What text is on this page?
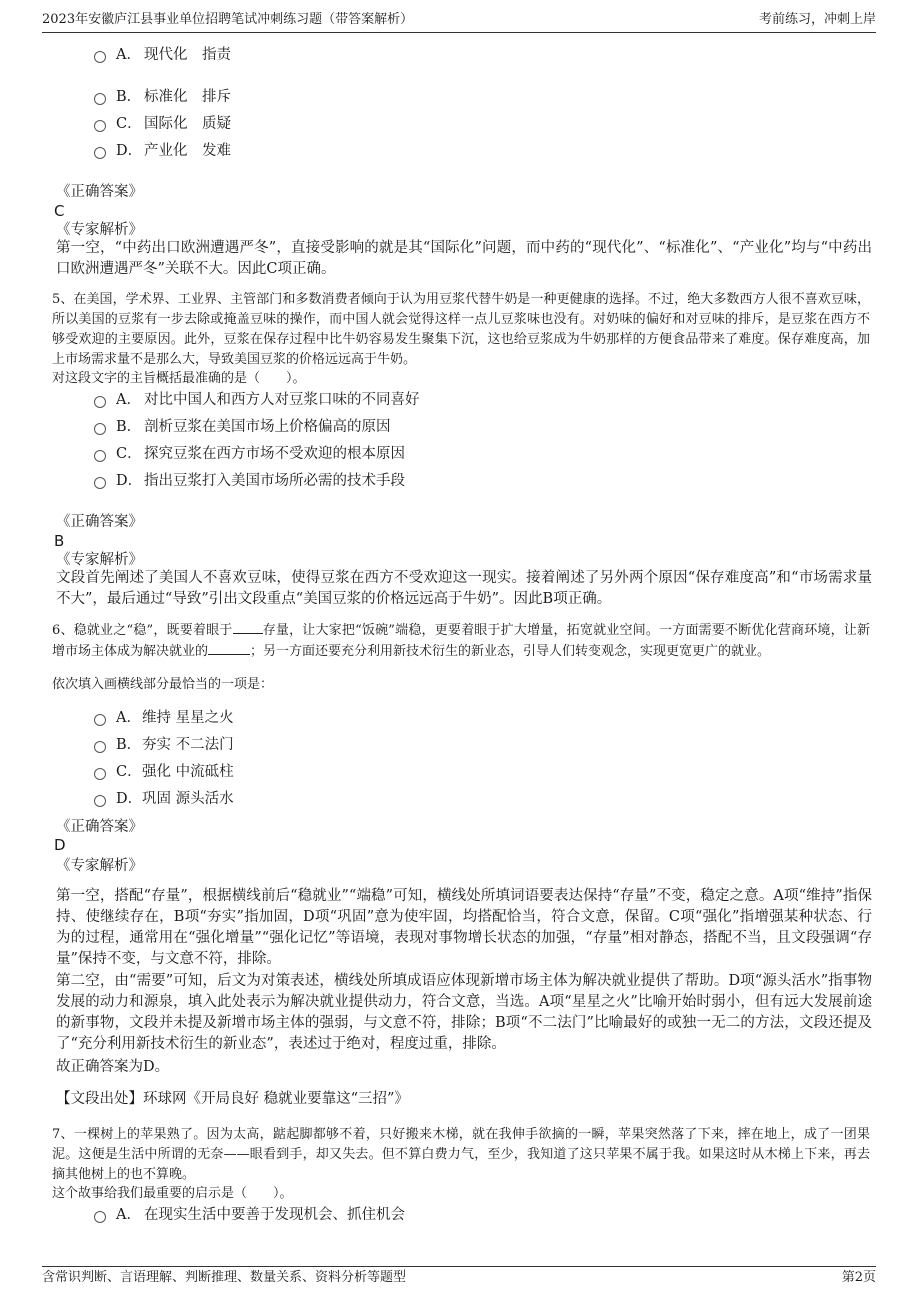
2023年安徽庐江县事业单位招聘笔试冲刺练习题（带答案解析）	考前练习，冲刺上岸
A． 现代化　指责
B． 标准化　排斥
C． 国际化　质疑
D． 产业化　发难
《正确答案》
C
《专家解析》
第一空，“中药出口欧洲遭遇严冬”，直接受影响的就是其“国际化”问题，而中药的“现代化”、“标准化”、“产业化”均与“中药出口欧洲遭遇严冬”关联不大。因此C项正确。
5、在美国，学术界、工业界、主管部门和多数消费者倾向于认为用豆浆代替牛奶是一种更健康的选择。不过，绝大多数西方人很不喜欢豆味，所以美国的豆浆有一步去除或掩盖豆味的操作，而中国人就会觉得这样一点儿豆浆味也没有。对奶味的偏好和对豆味的排斥，是豆浆在西方不够受欢迎的主要原因。此外，豆浆在保存过程中比牛奶容易发生聚集下沉，这也给豆浆成为牛奶那样的方便食品带来了难度。保存难度高，加上市场需求量不是那么大，导致美国豆浆的价格远远高于牛奶。
对这段文字的主旨概括最准确的是（　　）。
A． 对比中国人和西方人对豆浆口味的不同喜好
B． 剖析豆浆在美国市场上价格偏高的原因
C． 探究豆浆在西方市场不受欢迎的根本原因
D． 指出豆浆打入美国市场所必需的技术手段
《正确答案》
B
《专家解析》
文段首先阐述了美国人不喜欢豆味，使得豆浆在西方不受欢迎这一现实。接着阐述了另外两个原因“保存难度高”和“市场需求量不大”，最后通过“导致”引出文段重点“美国豆浆的价格远远高于牛奶”。因此B项正确。
6、稳就业之“稳”，既要着眼于 存量，让大家把“饭碗”端稳，更要着眼于扩大增量，拓宽就业空间。一方面需要不断优化营商环境，让新增市场主体成为解决就业的	；另一方面还要充分利用新技术衍生的新业态，引导人们转变观念，实现更宽更广的就业。
依次填入画横线部分最恰当的一项是：
A．维持 星星之火
B．夯实 不二法门
C．强化 中流砥柱
D．巩固 源头活水
《正确答案》
D
《专家解析》
第一空，搭配“存量”，根据横线前后“稳就业”“端稳”可知，横线处所填词语要表达保持“存量”不变，稳定之意。A项“维持”指保持、使继续存在，B项“夯实”指加固，D项“巩固”意为使牢固，均搭配恰当，符合文意，保留。C项“强化”指增强某种状态、行为的过程，通常用在“强化增量”“强化记忆”等语境，表现对事物增长状态的加强，“存量”相对静态，搭配不当，且文段强调“存量”保持不变，与文意不符，排除。
第二空，由“需要”可知，后文为对策表述，横线处所填成语应体现新增市场主体为解决就业提供了帮助。D项“源头活水”指事物发展的动力和源泉，填入此处表示为解决就业提供动力，符合文意，当选。A项“星星之火”比喻开始时弱小，但有远大发展前途的新事物，文段并未提及新增市场主体的强弱，与文意不符，排除；B项“不二法门”比喻最好的或独一无二的方法，文段还提及了“充分利用新技术衍生的新业态”，表述过于绝对，程度过重，排除。
故正确答案为D。
【文段出处】环球网《开局良好 稳就业要靠这“三招”》
7、一棵树上的苹果熟了。因为太高，踮起脚都够不着，只好搬来木梯，就在我伸手欲摘的一瞬，苹果突然落了下来，摔在地上，成了一团果泥。这便是生活中所谓的无奈——眼看到手，却又失去。但不算白费力气，至少，我知道了这只苹果不属于我。如果这时从木梯上下来，再去摘其他树上的也不算晚。
这个故事给我们最重要的启示是（　　）。
A． 在现实生活中要善于发现机会、抓住机会
含常识判断、言语理解、判断推理、数量关系、资料分析等题型	第2页
